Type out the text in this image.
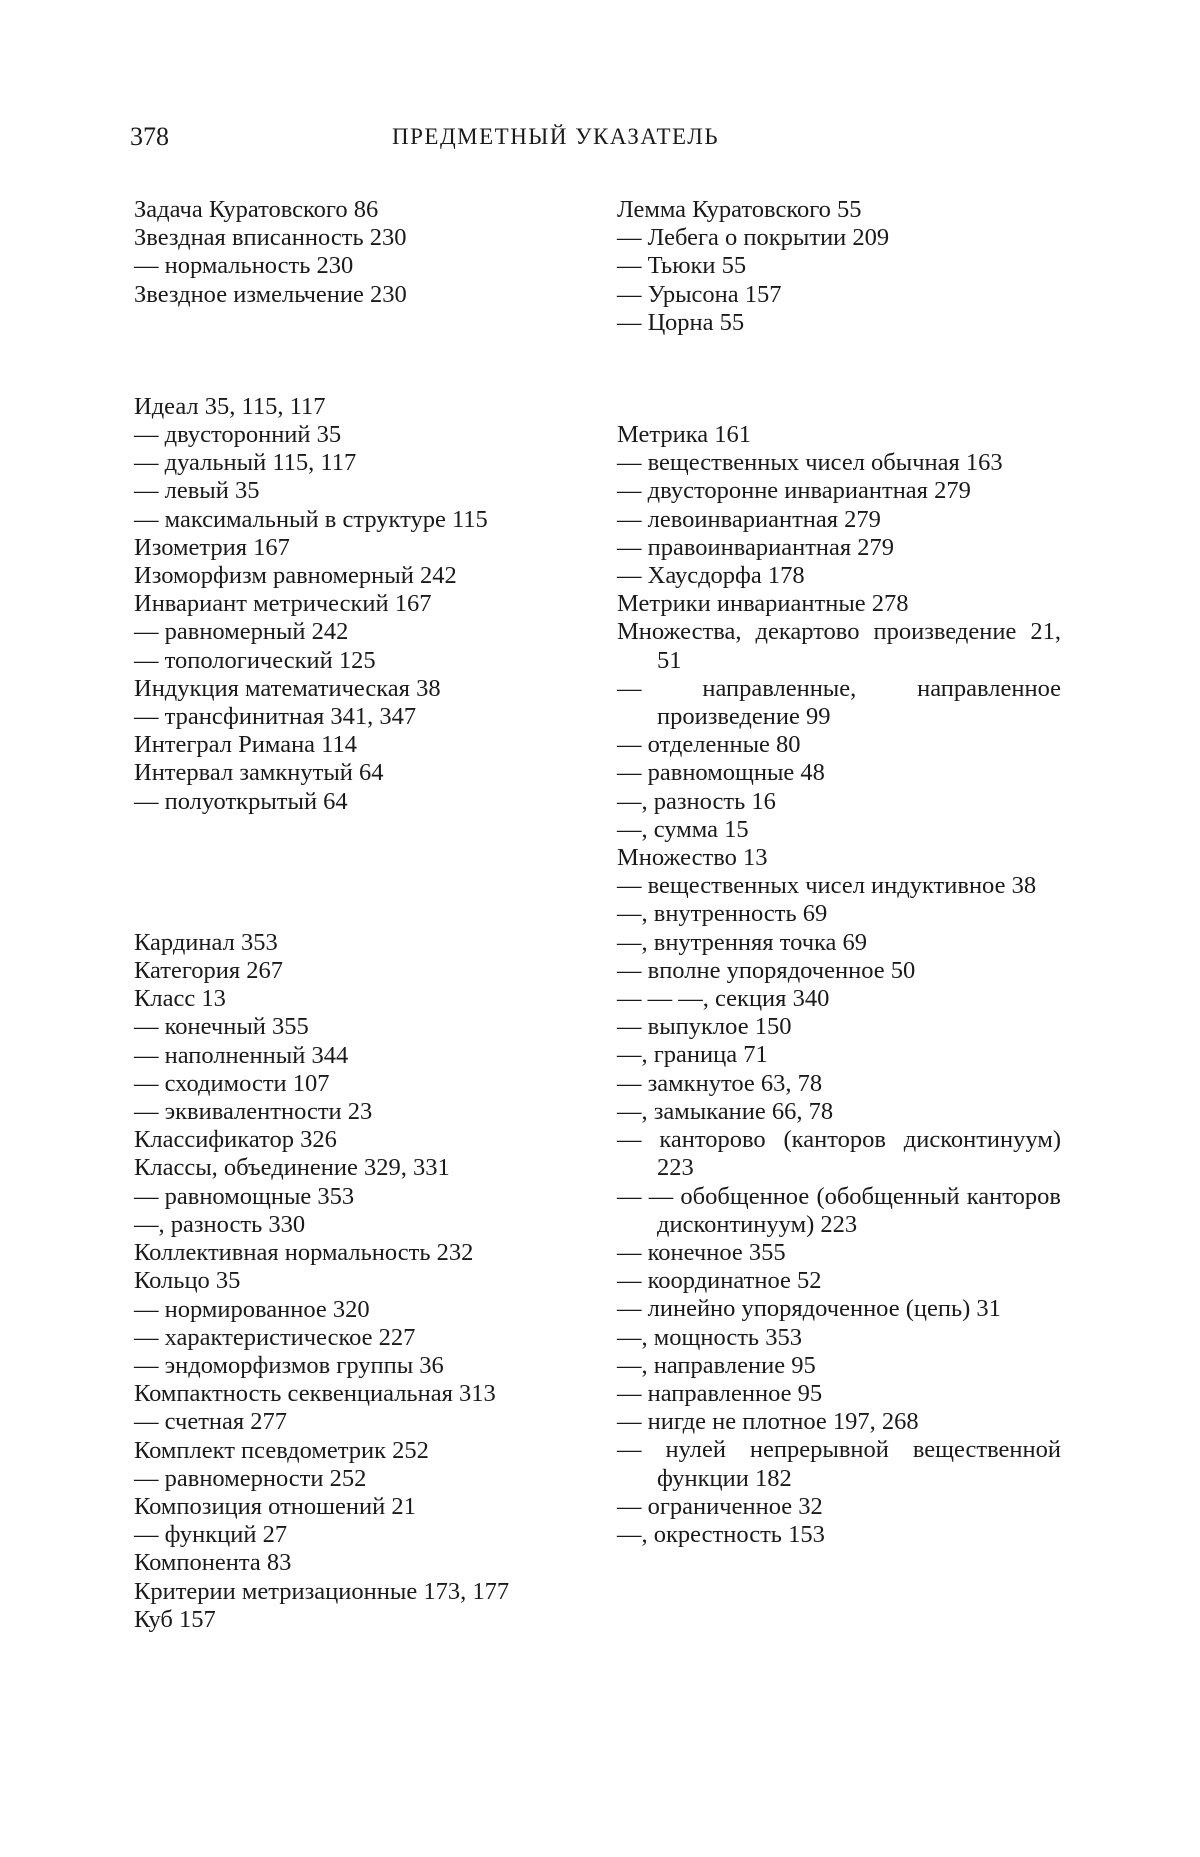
378	ПРЕДМЕТНЫЙ УКАЗАТЕЛЬ
Задача Куратовского 86
Звездная вписанность 230
— нормальность 230
Звездное измельчение 230
Идеал 35, 115, 117
— двусторонний 35
— дуальный 115, 117
— левый 35
— максимальный в структуре 115
Изометрия 167
Изоморфизм равномерный 242
Инвариант метрический 167
— равномерный 242
— топологический 125
Индукция математическая 38
— трансфинитная 341, 347
Интеграл Римана 114
Интервал замкнутый 64
— полуоткрытый 64
Кардинал 353
Категория 267
Класс 13
— конечный 355
— наполненный 344
— сходимости 107
— эквивалентности 23
Классификатор 326
Классы, объединение 329, 331
— равномощные 353
—, разность 330
Коллективная нормальность 232
Кольцо 35
— нормированное 320
— характеристическое 227
— эндоморфизмов группы 36
Компактность секвенциальная 313
— счетная 277
Комплект псевдометрик 252
— равномерности 252
Композиция отношений 21
— функций 27
Компонента 83
Критерии метризационные 173, 177
Куб 157
Лемма Куратовского 55
— Лебега о покрытии 209
— Тьюки 55
— Урысона 157
— Цорна 55
Метрика 161
— вещественных чисел обычная 163
— двусторонне инвариантная 279
— левоинвариантная 279
— правоинвариантная 279
— Хаусдорфа 178
Метрики инвариантные 278
Множества, декартово произведение 21, 51
— направленные, направленное произведение 99
— отделенные 80
— равномощные 48
—, разность 16
—, сумма 15
Множество 13
— вещественных чисел индуктивное 38
—, внутренность 69
—, внутренняя точка 69
— вполне упорядоченное 50
— — —, секция 340
— выпуклое 150
—, граница 71
— замкнутое 63, 78
—, замыкание 66, 78
— канторово (канторов дисконтинуум) 223
— — обобщенное (обобщенный канторов дисконтинуум) 223
— конечное 355
— координатное 52
— линейно упорядоченное (цепь) 31
—, мощность 353
—, направление 95
— направленное 95
— нигде не плотное 197, 268
— нулей непрерывной вещественной функции 182
— ограниченное 32
—, окрестность 153
